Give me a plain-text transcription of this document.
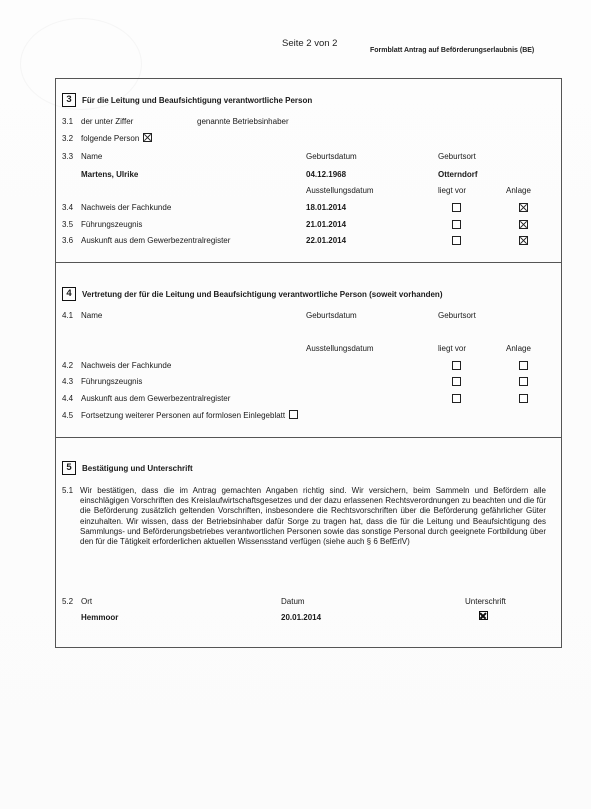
Seite 2 von 2
Formblatt Antrag auf Beförderungserlaubnis (BE)
3	Für die Leitung und Beaufsichtigung verantwortliche Person
3.1 der unter Ziffer	genannte Betriebsinhaber
3.2 folgende Person
3.3 Name	Geburtsdatum	Geburtsort
Martens, Ulrike	04.12.1968	Otterndorf
Ausstellungsdatum	liegt vor	Anlage
3.4 Nachweis der Fachkunde	18.01.2014
3.5 Führungszeugnis	21.01.2014
3.6 Auskunft aus dem Gewerbezentralregister	22.01.2014
4	Vertretung der für die Leitung und Beaufsichtigung verantwortliche Person (soweit vorhanden)
4.1 Name	Geburtsdatum	Geburtsort
Ausstellungsdatum	liegt vor	Anlage
4.2 Nachweis der Fachkunde
4.3 Führungszeugnis
4.4 Auskunft aus dem Gewerbezentralregister
4.5 Fortsetzung weiterer Personen auf formlosen Einlegeblatt
5	Bestätigung und Unterschrift
5.1 Wir bestätigen, dass die im Antrag gemachten Angaben richtig sind. Wir versichern, beim Sammeln und Befördern alle einschlägigen Vorschriften des Kreislaufwirtschaftsgesetzes und der dazu erlassenen Rechtsverordnungen zu beachten und die für die Beförderung zusätzlich geltenden Vorschriften, insbesondere die Rechtsvorschriften über die Beförderung gefährlicher Güter einzuhalten. Wir wissen, dass der Betriebsinhaber dafür Sorge zu tragen hat, dass die für die Leitung und Beaufsichtigung des Sammlungs- und Beförderungsbetriebes verantwortlichen Personen sowie das sonstige Personal durch geeignete Fortbildung über den für die Tätigkeit erforderlichen aktuellen Wissensstand verfügen (siehe auch § 6 BefErlV)
5.2 Ort	Datum	Unterschrift
Hemmoor	20.01.2014
